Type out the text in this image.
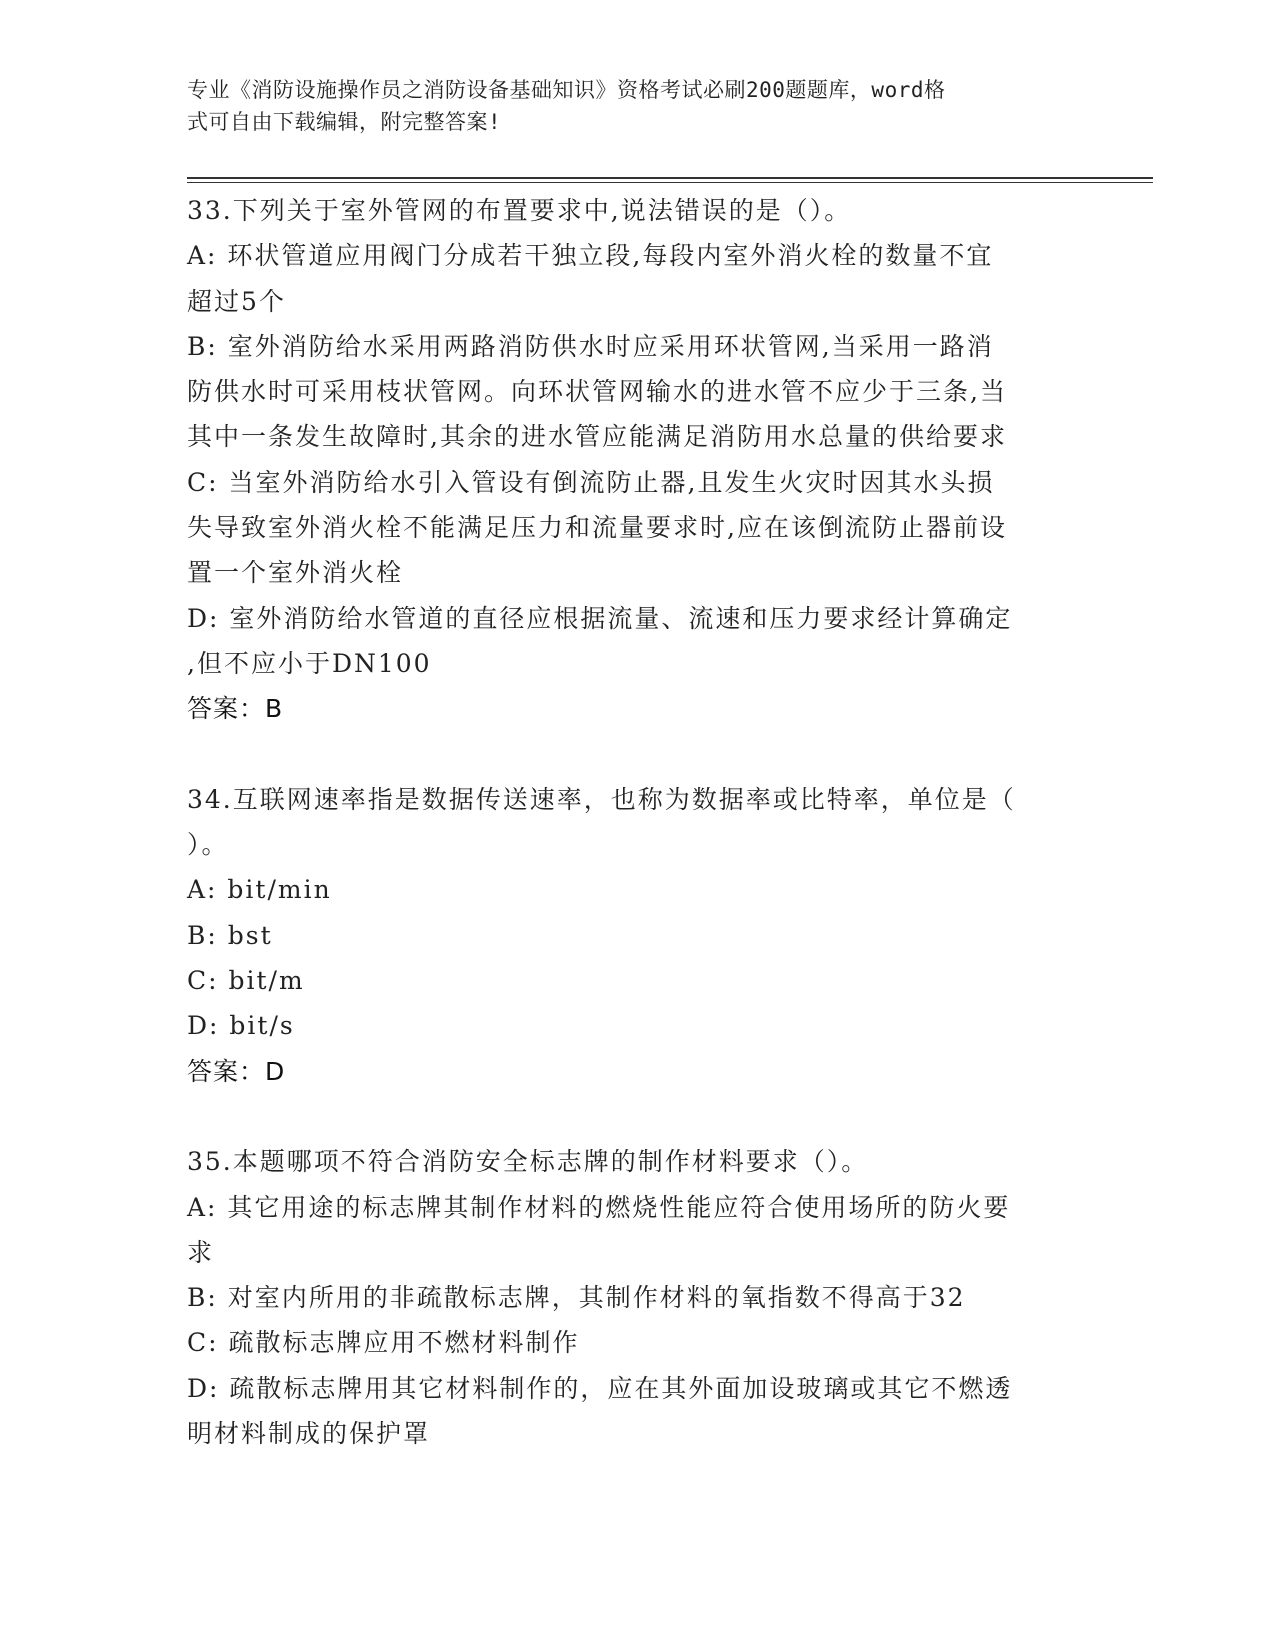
专业《消防设施操作员之消防设备基础知识》资格考试必刷200题题库，word格
式可自由下载编辑，附完整答案!
33.下列关于室外管网的布置要求中,说法错误的是（）。
A: 环状管道应用阀门分成若干独立段,每段内室外消火栓的数量不宜
超过5个
B: 室外消防给水采用两路消防供水时应采用环状管网,当采用一路消
防供水时可采用枝状管网。向环状管网输水的进水管不应少于三条,当
其中一条发生故障时,其余的进水管应能满足消防用水总量的供给要求
C: 当室外消防给水引入管设有倒流防止器,且发生火灾时因其水头损
失导致室外消火栓不能满足压力和流量要求时,应在该倒流防止器前设
置一个室外消火栓
D: 室外消防给水管道的直径应根据流量、流速和压力要求经计算确定
,但不应小于DN100
答案：B
34.互联网速率指是数据传送速率，也称为数据率或比特率，单位是（
）。
A: bit/min
B: bst
C: bit/m
D: bit/s
答案：D
35.本题哪项不符合消防安全标志牌的制作材料要求（）。
A: 其它用途的标志牌其制作材料的燃烧性能应符合使用场所的防火要
求
B: 对室内所用的非疏散标志牌，其制作材料的氧指数不得高于32
C: 疏散标志牌应用不燃材料制作
D: 疏散标志牌用其它材料制作的，应在其外面加设玻璃或其它不燃透
明材料制成的保护罩
